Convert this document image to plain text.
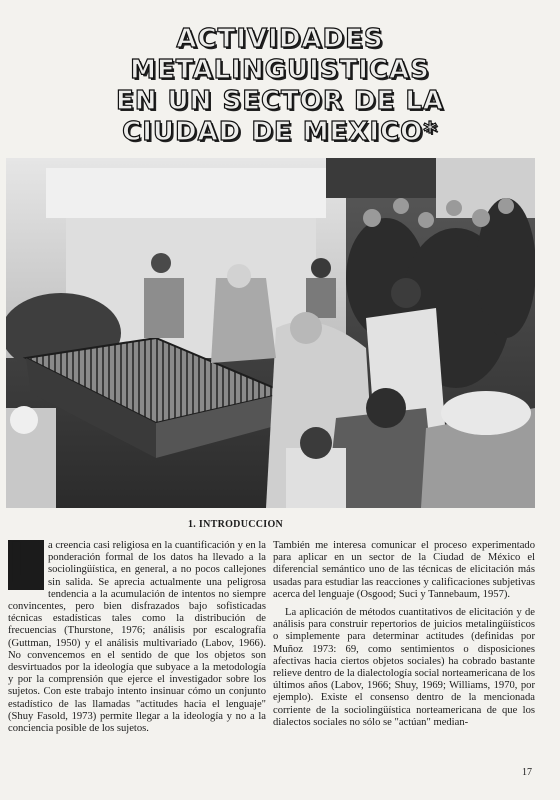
ACTIVIDADES
METALINGUISTICAS
EN UN SECTOR DE LA
CIUDAD DE MEXICO*
1. INTRODUCCION
L a creencia casi religiosa en la cuantificación y en la ponderación formal de los datos ha llevado a la sociolingüística, en general, a no pocos callejones sin salida. Se aprecia actualmente una peligrosa tendencia a la acumulación de intentos no siempre convincentes, pero bien disfrazados bajo sofisticadas técnicas estadísticas tales como la distribución de frecuencias (Thurstone, 1976; análisis por escalografía (Guttman, 1950) y el análisis multivariado (Labov, 1966). No convencemos en el sentido de que los objetos son desvirtuados por la ideología que subyace a la metodología y por la comprensión que ejerce el investigador sobre los sujetos. Con este trabajo intento insinuar cómo un conjunto estadístico de las llamadas "actitudes hacia el lenguaje" (Shuy Fasold, 1973) permite llegar a la ideología y no a la conciencia posible de los sujetos.

También me interesa comunicar el proceso experimentado para aplicar en un sector de la Ciudad de México el diferencial semántico uno de las técnicas de elicitación más usadas para estudiar las reacciones y calificaciones subjetivas acerca del lenguaje (Osgood; Suci y Tannebaum, 1957).

La aplicación de métodos cuantitativos de elicitación y de análisis para construir repertorios de juicios metalingüísticos o simplemente para determinar actitudes (definidas por Muñoz 1973: 69, como sentimientos o disposiciones afectivas hacia ciertos objetos sociales) ha cobrado bastante relieve dentro de la dialectología social norteamericana de los últimos años (Labov, 1966; Shuy, 1969; Williams, 1970, por ejemplo). Existe el consenso dentro de la mencionada corriente de la sociolingüística norteamericana de que los dialectos sociales no sólo se "actúan" median-

17
